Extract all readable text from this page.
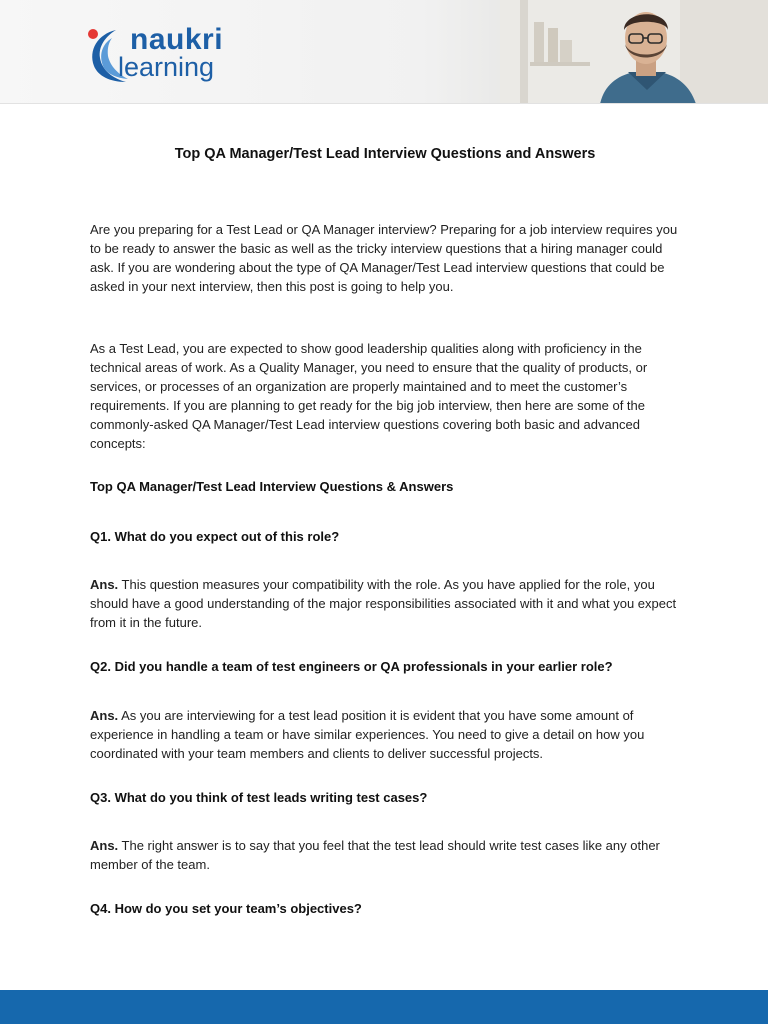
naukri
learning
Top QA Manager/Test Lead Interview Questions and Answers

Are you preparing for a Test Lead or QA Manager interview? Preparing for a job interview requires you to be ready to answer the basic as well as the tricky interview questions that a hiring manager could ask. If you are wondering about the type of QA Manager/Test Lead interview questions that could be asked in your next interview, then this post is going to help you.

As a Test Lead, you are expected to show good leadership qualities along with proficiency in the technical areas of work. As a Quality Manager, you need to ensure that the quality of products, or services, or processes of an organization are properly maintained and to meet the customer’s requirements. If you are planning to get ready for the big job interview, then here are some of the commonly-asked QA Manager/Test Lead interview questions covering both basic and advanced concepts:

Top QA Manager/Test Lead Interview Questions & Answers
Q1. What do you expect out of this role?

Ans. This question measures your compatibility with the role. As you have applied for the role, you should have a good understanding of the major responsibilities associated with it and what you expect from it in the future.

Q2. Did you handle a team of test engineers or QA professionals in your earlier role?

Ans. As you are interviewing for a test lead position it is evident that you have some amount of experience in handling a team or have similar experiences. You need to give a detail on how you coordinated with your team members and clients to deliver successful projects.

Q3. What do you think of test leads writing test cases?

Ans. The right answer is to say that you feel that the test lead should write test cases like any other member of the team.

Q4. How do you set your team’s objectives?
